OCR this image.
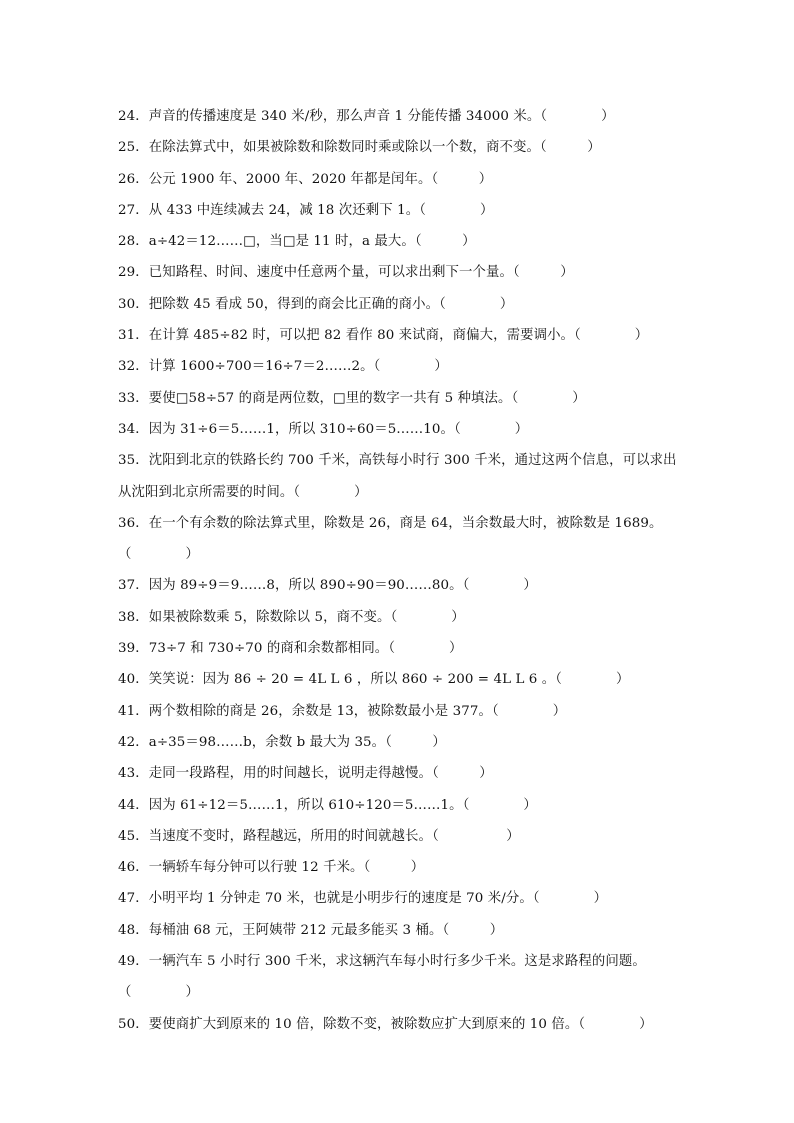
24．声音的传播速度是 340 米/秒，那么声音 1 分能传播 34000 米。（　　　　）
25．在除法算式中，如果被除数和除数同时乘或除以一个数，商不变。（　　　）
26．公元 1900 年、2000 年、2020 年都是闰年。（　　　）
27．从 433 中连续减去 24，减 18 次还剩下 1。（　　　　）
28．a÷42＝12……□，当□是 11 时，a 最大。（　　　）
29．已知路程、时间、速度中任意两个量，可以求出剩下一个量。（　　　）
30．把除数 45 看成 50，得到的商会比正确的商小。（　　　　）
31．在计算 485÷82 时，可以把 82 看作 80 来试商，商偏大，需要调小。（　　　　）
32．计算 1600÷700＝16÷7＝2……2。（　　　　）
33．要使□58÷57 的商是两位数，□里的数字一共有 5 种填法。（　　　　）
34．因为 31÷6＝5……1，所以 310÷60＝5……10。（　　　　）
35．沈阳到北京的铁路长约 700 千米，高铁每小时行 300 千米，通过这两个信息，可以求出
从沈阳到北京所需要的时间。（　　　　）
36．在一个有余数的除法算式里，除数是 26，商是 64，当余数最大时，被除数是 1689。
（　　　　）
37．因为 89÷9＝9……8，所以 890÷90＝90……80。（　　　　）
38．如果被除数乘 5，除数除以 5，商不变。（　　　　）
39．73÷7 和 730÷70 的商和余数都相同。（　　　　）
40．笑笑说：因为 86 ÷ 20 = 4L L 6 ，所以 860 ÷ 200 = 4L L 6 。（　　　　）
41．两个数相除的商是 26，余数是 13，被除数最小是 377。（　　　　）
42．a÷35＝98……b，余数 b 最大为 35。（　　　）
43．走同一段路程，用的时间越长，说明走得越慢。（　　　）
44．因为 61÷12＝5……1，所以 610÷120＝5……1。（　　　　）
45．当速度不变时，路程越远，所用的时间就越长。（　　　　　）
46．一辆轿车每分钟可以行驶 12 千米。（　　　）
47．小明平均 1 分钟走 70 米，也就是小明步行的速度是 70 米/分。（　　　　）
48．每桶油 68 元，王阿姨带 212 元最多能买 3 桶。（　　　）
49．一辆汽车 5 小时行 300 千米，求这辆汽车每小时行多少千米。这是求路程的问题。
（　　　　）
50．要使商扩大到原来的 10 倍，除数不变，被除数应扩大到原来的 10 倍。（　　　　）
